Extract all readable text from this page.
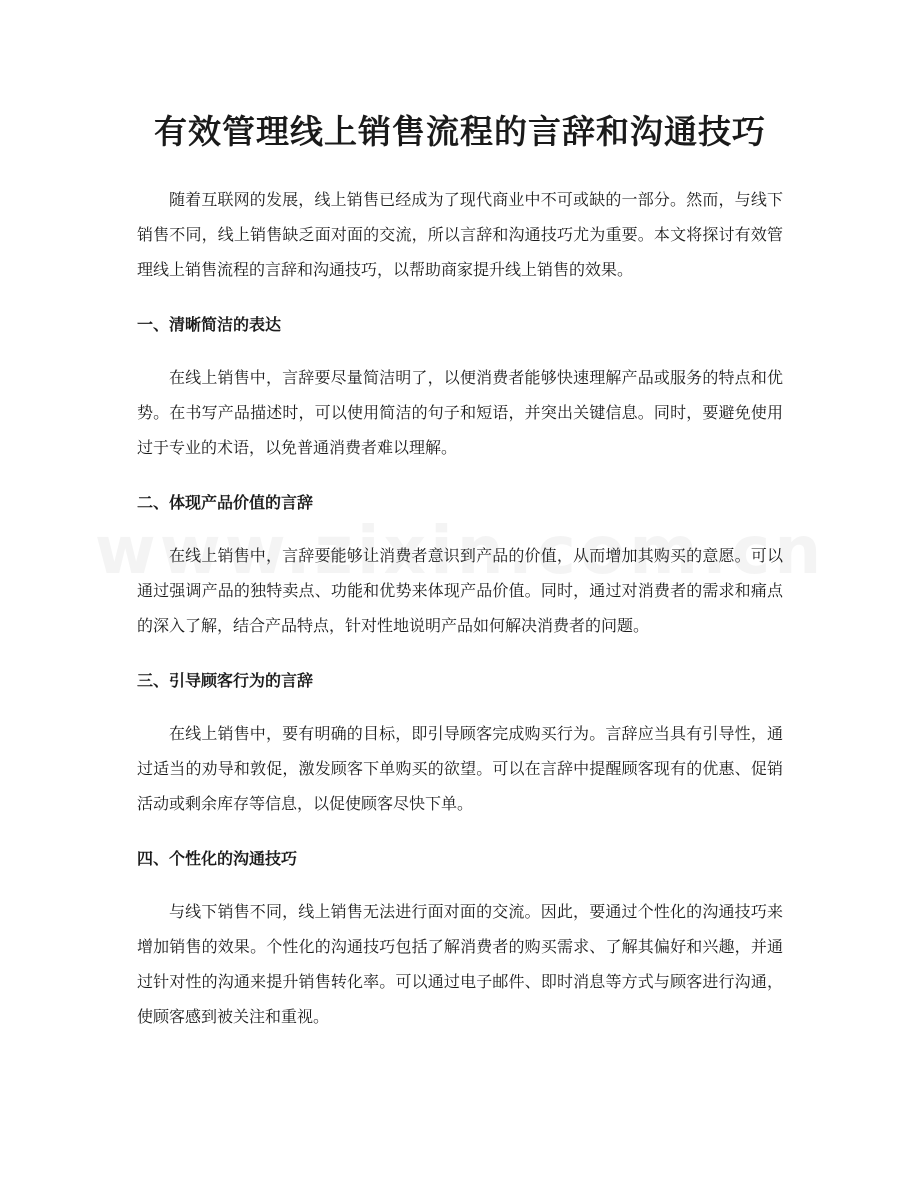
有效管理线上销售流程的言辞和沟通技巧

随着互联网的发展，线上销售已经成为了现代商业中不可或缺的一部分。然而，与线下销售不同，线上销售缺乏面对面的交流，所以言辞和沟通技巧尤为重要。本文将探讨有效管理线上销售流程的言辞和沟通技巧，以帮助商家提升线上销售的效果。

一、清晰简洁的表达

在线上销售中，言辞要尽量简洁明了，以便消费者能够快速理解产品或服务的特点和优势。在书写产品描述时，可以使用简洁的句子和短语，并突出关键信息。同时，要避免使用过于专业的术语，以免普通消费者难以理解。

二、体现产品价值的言辞

在线上销售中，言辞要能够让消费者意识到产品的价值，从而增加其购买的意愿。可以通过强调产品的独特卖点、功能和优势来体现产品价值。同时，通过对消费者的需求和痛点的深入了解，结合产品特点，针对性地说明产品如何解决消费者的问题。

三、引导顾客行为的言辞

在线上销售中，要有明确的目标，即引导顾客完成购买行为。言辞应当具有引导性，通过适当的劝导和敦促，激发顾客下单购买的欲望。可以在言辞中提醒顾客现有的优惠、促销活动或剩余库存等信息，以促使顾客尽快下单。

四、个性化的沟通技巧

与线下销售不同，线上销售无法进行面对面的交流。因此，要通过个性化的沟通技巧来增加销售的效果。个性化的沟通技巧包括了解消费者的购买需求、了解其偏好和兴趣，并通过针对性的沟通来提升销售转化率。可以通过电子邮件、即时消息等方式与顾客进行沟通，使顾客感到被关注和重视。
